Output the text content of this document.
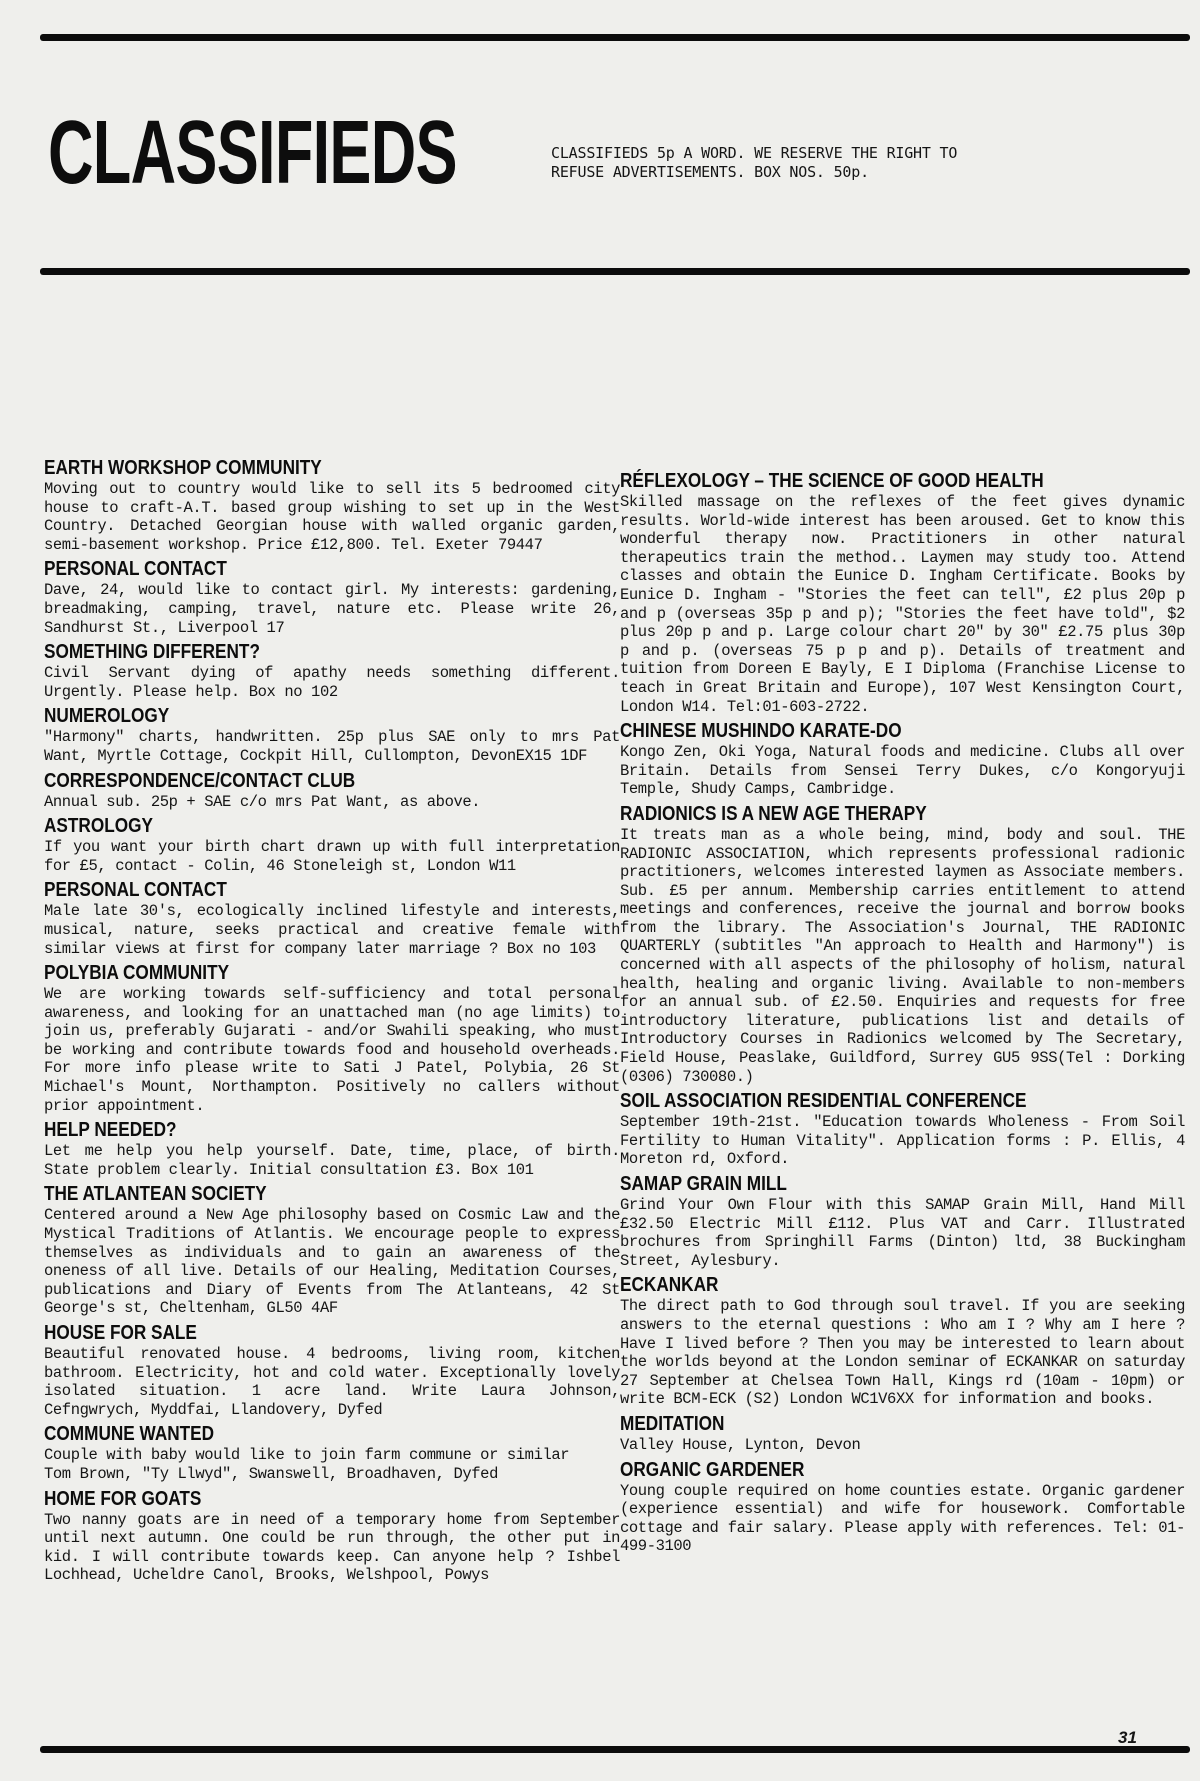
CLASSIFIEDS	CLASSIFIEDS 5p A WORD. WE RESERVE THE RIGHT TO
REFUSE ADVERTISEMENTS. BOX NOS. 50p.
EARTH WORKSHOP COMMUNITY

Moving out to country would like to sell its 5 bedroomed city house to craft-A.T. based group wishing to set up in the West Country. Detached Georgian house with walled organic garden, semi-basement workshop. Price £12,800. Tel. Exeter 79447

PERSONAL CONTACT

Dave, 24, would like to contact girl. My interests: gardening, breadmaking, camping, travel, nature etc. Please write 26, Sandhurst St., Liverpool 17

SOMETHING DIFFERENT?

Civil Servant dying of apathy needs something different. Urgently. Please help. Box no 102

NUMEROLOGY

"Harmony" charts, handwritten. 25p plus SAE only to mrs Pat Want, Myrtle Cottage, Cockpit Hill, Cullompton, DevonEX15 1DF

CORRESPONDENCE/CONTACT CLUB

Annual sub. 25p + SAE c/o mrs Pat Want, as above.

ASTROLOGY

If you want your birth chart drawn up with full interpretation for £5, contact - Colin, 46 Stoneleigh st, London W11

PERSONAL CONTACT

Male late 30's, ecologically inclined lifestyle and interests, musical, nature, seeks practical and creative female with similar views at first for company later marriage ? Box no 103

POLYBIA COMMUNITY

We are working towards self-sufficiency and total personal awareness, and looking for an unattached man (no age limits) to join us, preferably Gujarati - and/or Swahili speaking, who must be working and contribute towards food and household overheads. For more info please write to Sati J Patel, Polybia, 26 St Michael's Mount, Northampton. Positively no callers without prior appointment.

HELP NEEDED?

Let me help you help yourself. Date, time, place, of birth. State problem clearly. Initial consultation £3. Box 101

THE ATLANTEAN SOCIETY

Centered around a New Age philosophy based on Cosmic Law and the Mystical Traditions of Atlantis. We encourage people to express themselves as individuals and to gain an awareness of the oneness of all live. Details of our Healing, Meditation Courses, publications and Diary of Events from The Atlanteans, 42 St George's st, Cheltenham, GL50 4AF

HOUSE FOR SALE

Beautiful renovated house. 4 bedrooms, living room, kitchen bathroom. Electricity, hot and cold water. Exceptionally lovely isolated situation. 1 acre land. Write Laura Johnson, Cefngwrych, Myddfai, Llandovery, Dyfed

COMMUNE WANTED

Couple with baby would like to join farm commune or similar
Tom Brown, "Ty Llwyd", Swanswell, Broadhaven, Dyfed

HOME FOR GOATS

Two nanny goats are in need of a temporary home from September until next autumn. One could be run through, the other put in kid. I will contribute towards keep. Can anyone help ? Ishbel Lochhead, Ucheldre Canol, Brooks, Welshpool, Powys

RÉFLEXOLOGY – THE SCIENCE OF GOOD HEALTH

Skilled massage on the reflexes of the feet gives dynamic results. World-wide interest has been aroused. Get to know this wonderful therapy now. Practitioners in other natural therapeutics train the method.. Laymen may study too. Attend classes and obtain the Eunice D. Ingham Certificate. Books by Eunice D. Ingham - "Stories the feet can tell", £2 plus 20p p and p (overseas 35p p and p); "Stories the feet have told", $2 plus 20p p and p. Large colour chart 20" by 30" £2.75 plus 30p p and p. (overseas 75 p p and p). Details of treatment and tuition from Doreen E Bayly, E I Diploma (Franchise License to teach in Great Britain and Europe), 107 West Kensington Court, London W14. Tel:01-603-2722.

CHINESE MUSHINDO KARATE-DO

Kongo Zen, Oki Yoga, Natural foods and medicine. Clubs all over Britain. Details from Sensei Terry Dukes, c/o Kongoryuji Temple, Shudy Camps, Cambridge.

RADIONICS IS A NEW AGE THERAPY

It treats man as a whole being, mind, body and soul. THE RADIONIC ASSOCIATION, which represents professional radionic practitioners, welcomes interested laymen as Associate members. Sub. £5 per annum. Membership carries entitlement to attend meetings and conferences, receive the journal and borrow books from the library. The Association's Journal, THE RADIONIC QUARTERLY (subtitles "An approach to Health and Harmony") is concerned with all aspects of the philosophy of holism, natural health, healing and organic living. Available to non-members for an annual sub. of £2.50. Enquiries and requests for free introductory literature, publications list and details of Introductory Courses in Radionics welcomed by The Secretary, Field House, Peaslake, Guildford, Surrey GU5 9SS(Tel : Dorking (0306) 730080.)

SOIL ASSOCIATION RESIDENTIAL CONFERENCE

September 19th-21st. "Education towards Wholeness - From Soil Fertility to Human Vitality". Application forms : P. Ellis, 4 Moreton rd, Oxford.

SAMAP GRAIN MILL

Grind Your Own Flour with this SAMAP Grain Mill, Hand Mill £32.50 Electric Mill £112. Plus VAT and Carr. Illustrated brochures from Springhill Farms (Dinton) ltd, 38 Buckingham Street, Aylesbury.

ECKANKAR

The direct path to God through soul travel. If you are seeking answers to the eternal questions : Who am I ? Why am I here ? Have I lived before ? Then you may be interested to learn about the worlds beyond at the London seminar of ECKANKAR on saturday 27 September at Chelsea Town Hall, Kings rd (10am - 10pm) or write BCM-ECK (S2) London WC1V6XX for information and books.

MEDITATION

Valley House, Lynton, Devon

ORGANIC GARDENER

Young couple required on home counties estate. Organic gardener (experience essential) and wife for housework. Comfortable cottage and fair salary. Please apply with references. Tel: 01-499-3100

31
